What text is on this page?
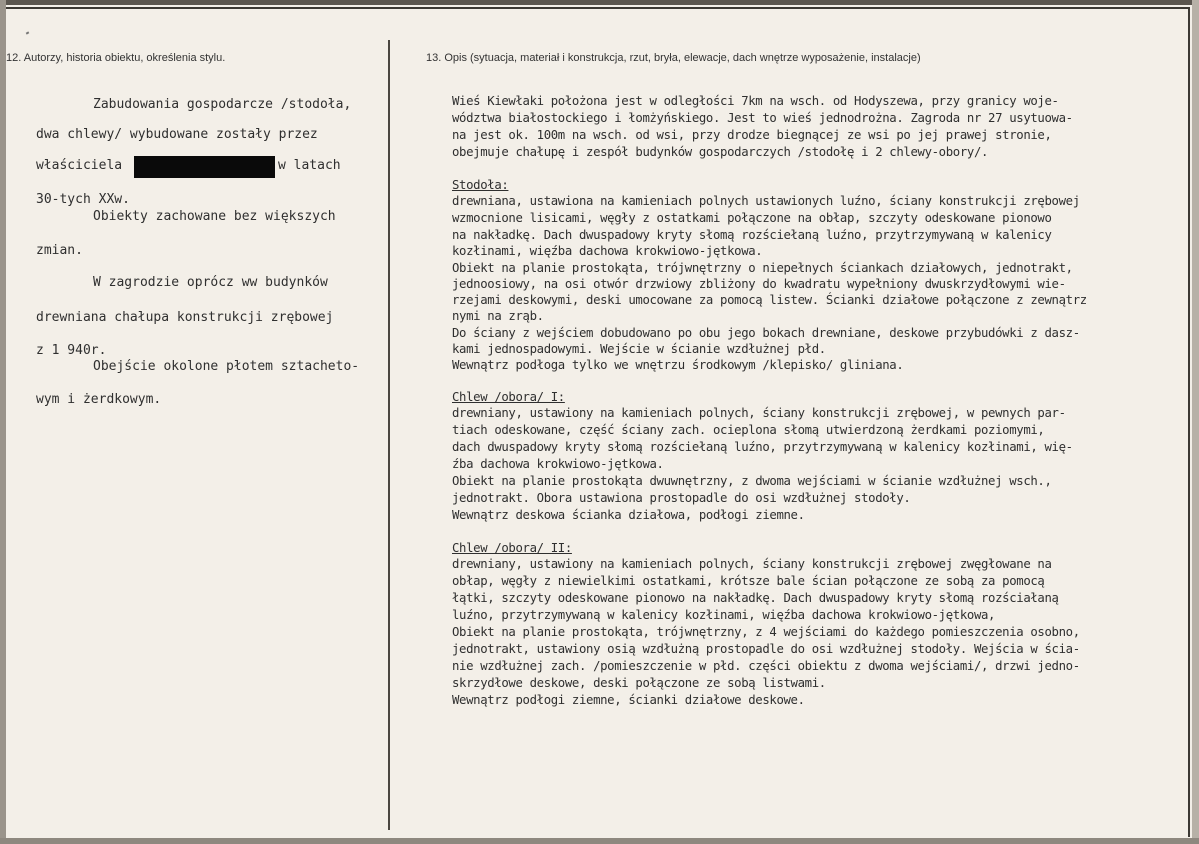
12. Autorzy, historia obiektu, określenia stylu.	13. Opis (sytuacja, materiał i konstrukcja, rzut, bryła, elewacje, dach wnętrze wyposażenie, instalacje)
Zabudowania gospodarcze /stodoła,
dwa chlewy/ wybudowane zostały przez
właściciela	w latach
30-tych XXw.
Obiekty zachowane bez większych
zmian.
W zagrodzie oprócz ww budynków
drewniana chałupa konstrukcji zrębowej
z 1 940r.
Obejście okolone płotem sztacheto-
wym i żerdkowym.
Wieś Kiewłaki położona jest w odległości 7km na wsch. od Hodyszewa, przy granicy woje-
wództwa białostockiego i łomżyńskiego. Jest to wieś jednodrożna. Zagroda nr 27 usytuowa-
na jest ok. 100m na wsch. od wsi, przy drodze biegnącej ze wsi po jej prawej stronie,
obejmuje chałupę i zespół budynków gospodarczych /stodołę i 2 chlewy-obory/.
Stodoła:
drewniana, ustawiona na kamieniach polnych ustawionych luźno, ściany konstrukcji zrębowej
wzmocnione lisicami, węgły z ostatkami połączone na obłap, szczyty odeskowane pionowo
na nakładkę. Dach dwuspadowy kryty słomą rozściełaną luźno, przytrzymywaną w kalenicy
kozłinami, więźba dachowa krokwiowo-jętkowa.
Obiekt na planie prostokąta, trójwnętrzny o niepełnych ściankach działowych, jednotrakt,
jednoosiowy, na osi otwór drzwiowy zbliżony do kwadratu wypełniony dwuskrzydłowymi wie-
rzejami deskowymi, deski umocowane za pomocą listew. Ścianki działowe połączone z zewnątrz
nymi na zrąb.
Do ściany z wejściem dobudowano po obu jego bokach drewniane, deskowe przybudówki z dasz-
kami jednospadowymi. Wejście w ścianie wzdłużnej płd.
Wewnątrz podłoga tylko we wnętrzu środkowym /klepisko/ gliniana.
Chlew /obora/ I:
drewniany, ustawiony na kamieniach polnych, ściany konstrukcji zrębowej, w pewnych par-
tiach odeskowane, część ściany zach. ocieplona słomą utwierdzoną żerdkami poziomymi,
dach dwuspadowy kryty słomą rozściełaną luźno, przytrzymywaną w kalenicy kozłinami, wię-
źba dachowa krokwiowo-jętkowa.
Obiekt na planie prostokąta dwuwnętrzny, z dwoma wejściami w ścianie wzdłużnej wsch.,
jednotrakt. Obora ustawiona prostopadle do osi wzdłużnej stodoły.
Wewnątrz deskowa ścianka działowa, podłogi ziemne.
Chlew /obora/ II:
drewniany, ustawiony na kamieniach polnych, ściany konstrukcji zrębowej zwęgłowane na
obłap, węgły z niewielkimi ostatkami, krótsze bale ścian połączone ze sobą za pomocą
łątki, szczyty odeskowane pionowo na nakładkę. Dach dwuspadowy kryty słomą rozściałaną
luźno, przytrzymywaną w kalenicy kozłinami, więźba dachowa krokwiowo-jętkowa,
Obiekt na planie prostokąta, trójwnętrzny, z 4 wejściami do każdego pomieszczenia osobno,
jednotrakt, ustawiony osią wzdłużną prostopadle do osi wzdłużnej stodoły. Wejścia w ścia-
nie wzdłużnej zach. /pomieszczenie w płd. części obiektu z dwoma wejściami/, drzwi jedno-
skrzydłowe deskowe, deski połączone ze sobą listwami.
Wewnątrz podłogi ziemne, ścianki działowe deskowe.
